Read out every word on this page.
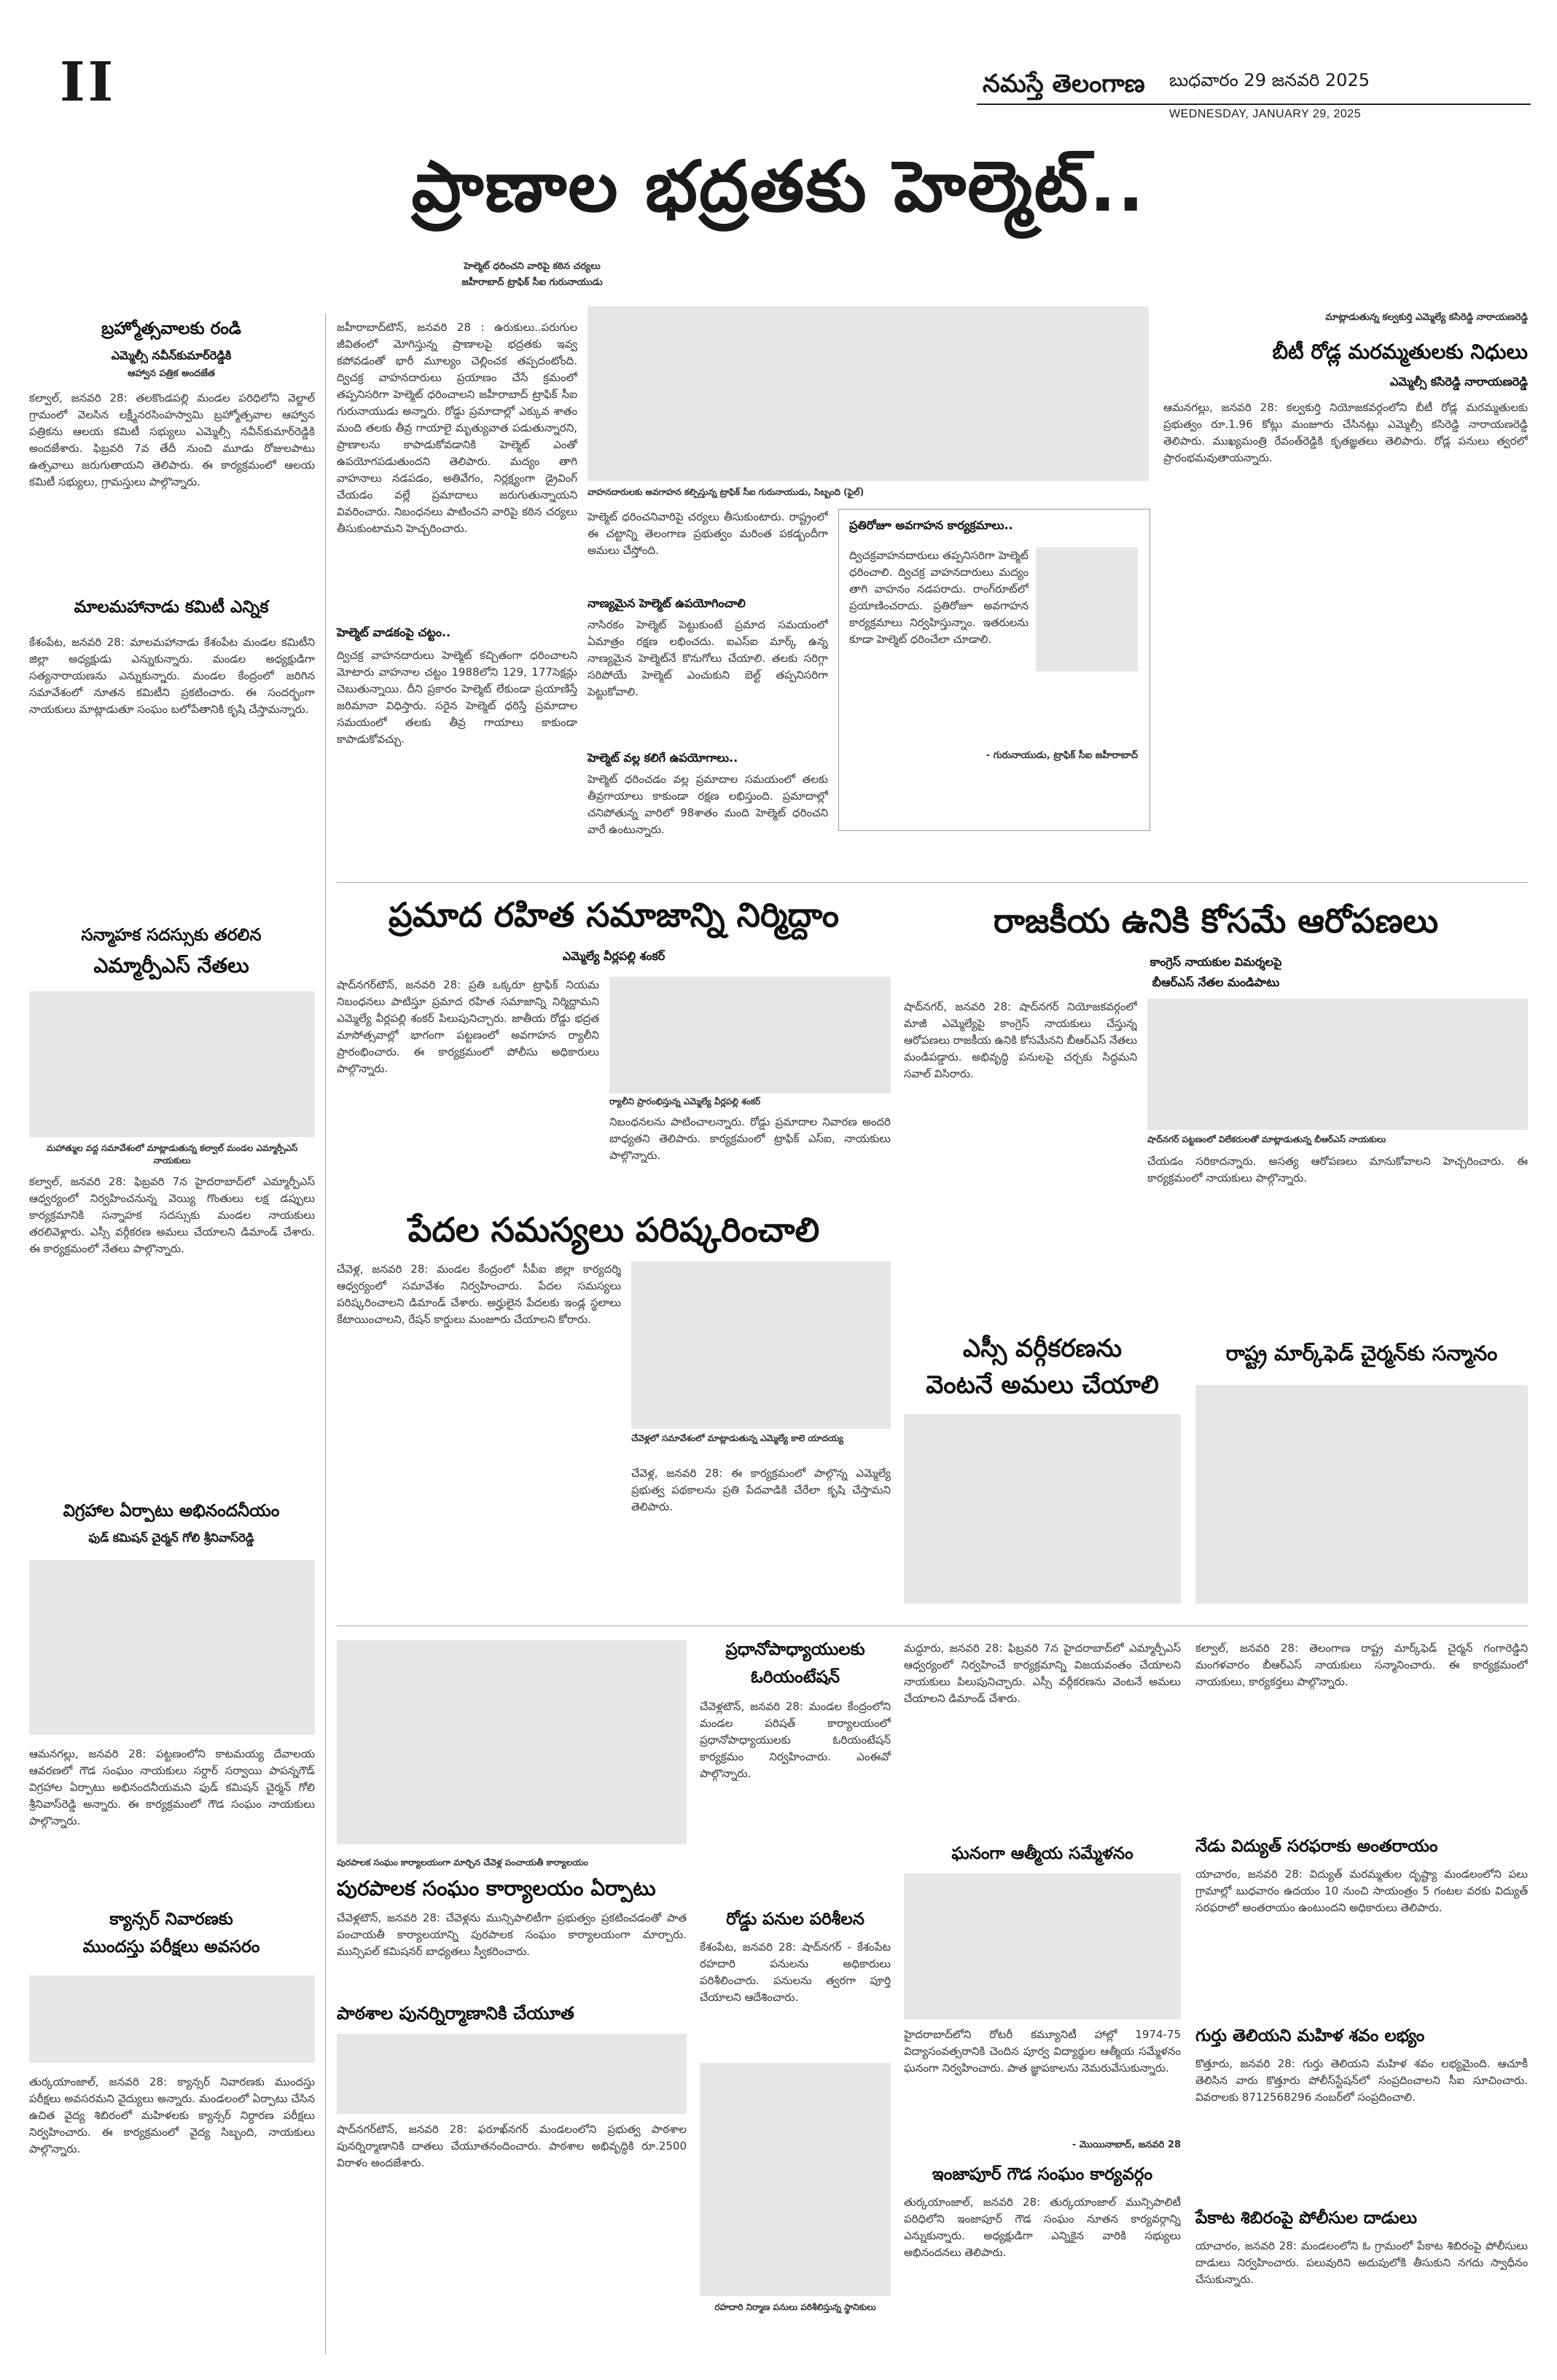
II	నమస్తే తెలంగాణ బుధవారం 29 జనవరి 2025
WEDNESDAY, JANUARY 29, 2025
ప్రాణాల భద్రతకు హెల్మెట్..
హెల్మెట్ ధరించని వారిపై కఠిన చర్యలు
జహీరాబాద్ ట్రాఫిక్ సీఐ గురునాయుడు
బ్రహ్మోత్సవాలకు రండి
ఎమ్మెల్సీ నవీన్‌కుమార్‌రెడ్డికి
ఆహ్వాన పత్రిక అందజేత
కల్వాల్‌, జనవరి 28: తలకొండపల్లి మండల పరిధిలోని వెల్జాల్‌ గ్రామంలో వెలసిన లక్ష్మీనరసింహస్వామి బ్రహ్మోత్సవాల ఆహ్వాన పత్రికను ఆలయ కమిటీ సభ్యులు ఎమ్మెల్సీ నవీన్‌కుమార్‌రెడ్డికి అందజేశారు. ఫిబ్రవరి 7వ తేదీ నుంచి మూడు రోజులపాటు ఉత్సవాలు జరుగుతాయని తెలిపారు. ఈ కార్యక్రమంలో ఆలయ కమిటీ సభ్యులు, గ్రామస్తులు పాల్గొన్నారు.
మాలమహానాడు కమిటీ ఎన్నిక
కేశంపేట, జనవరి 28: మాలమహానాడు కేశంపేట మండల కమిటీని జిల్లా అధ్యక్షుడు ఎన్నుకున్నారు. మండల అధ్యక్షుడిగా సత్యనారాయణను ఎన్నుకున్నారు. మండల కేంద్రంలో జరిగిన సమావేశంలో నూతన కమిటీని ప్రకటించారు. ఈ సందర్భంగా నాయకులు మాట్లాడుతూ సంఘం బలోపేతానికి కృషి చేస్తామన్నారు.
సన్మాహక సదస్సుకు తరలిన
ఎమ్మార్పీఎస్‌ నేతలు
మహాత్ముల వద్ద సమావేశంలో మాట్లాడుతున్న కల్వాల్‌ మండల ఎమ్మార్పీఎస్‌ నాయకులు
కల్వాల్‌, జనవరి 28: ఫిబ్రవరి 7న హైదరాబాద్‌లో ఎమ్మార్పీఎస్‌ ఆధ్వర్యంలో నిర్వహించనున్న వెయ్యి గొంతులు లక్ష డప్పులు కార్యక్రమానికి సన్నాహక సదస్సుకు మండల నాయకులు తరలివెళ్లారు. ఎస్సీ వర్గీకరణ అమలు చేయాలని డిమాండ్‌ చేశారు. ఈ కార్యక్రమంలో నేతలు పాల్గొన్నారు.
విగ్రహాల ఏర్పాటు అభినందనీయం
ఫుడ్‌ కమిషన్‌ చైర్మన్‌ గోలి శ్రీనివాస్‌రెడ్డి
ఆమనగల్లు, జనవరి 28: పట్టణంలోని కాటమయ్య దేవాలయ ఆవరణలో గౌడ సంఘం నాయకులు సర్దార్‌ సర్వాయి పాపన్నగౌడ్‌ విగ్రహాల ఏర్పాటు అభినందనీయమని ఫుడ్‌ కమిషన్‌ చైర్మన్‌ గోలి శ్రీనివాస్‌రెడ్డి అన్నారు. ఈ కార్యక్రమంలో గౌడ సంఘం నాయకులు పాల్గొన్నారు.
క్యాన్సర్‌ నివారణకు
ముందస్తు పరీక్షలు అవసరం
తుర్కయాంజాల్‌, జనవరి 28: క్యాన్సర్‌ నివారణకు ముందస్తు పరీక్షలు అవసరమని వైద్యులు అన్నారు. మండలంలో ఏర్పాటు చేసిన ఉచిత వైద్య శిబిరంలో మహిళలకు క్యాన్సర్‌ నిర్ధారణ పరీక్షలు నిర్వహించారు. ఈ కార్యక్రమంలో వైద్య సిబ్బంది, నాయకులు పాల్గొన్నారు.
జహీరాబాద్‌టౌన్‌, జనవరి 28 : ఉరుకులు..పరుగుల జీవితంలో మోగిస్తున్న ప్రాణాలపై భద్రతకు ఇవ్వ కపోవడంతో భారీ మూల్యం చెల్లించక తప్పదంటోంది. ద్విచక్ర వాహనదారులు ప్రయాణం చేసే క్రమంలో తప్పనిసరిగా హెల్మెట్‌ ధరించాలని జహీరాబాద్‌ ట్రాఫిక్‌ సీఐ గురునాయుడు అన్నారు. రోడ్డు ప్రమాదాల్లో ఎక్కువ శాతం మంది తలకు తీవ్ర గాయాలై మృత్యువాత పడుతున్నారని, ప్రాణాలను కాపాడుకోవడానికి హెల్మెట్‌ ఎంతో ఉపయోగపడుతుందని తెలిపారు. మద్యం తాగి వాహనాలు నడపడం, అతివేగం, నిర్లక్ష్యంగా డ్రైవింగ్‌ చేయడం వల్లే ప్రమాదాలు జరుగుతున్నాయని వివరించారు. నిబంధనలు పాటించని వారిపై కఠిన చర్యలు తీసుకుంటామని హెచ్చరించారు.
హెల్మెట్‌ వాడకంపై చట్టం..
ద్విచక్ర వాహనదారులు హెల్మెట్‌ కచ్చితంగా ధరించాలని మోటారు వాహనాల చట్టం 1988లోని 129, 177సెక్షన్లు చెబుతున్నాయి. దీని ప్రకారం హెల్మెట్‌ లేకుండా ప్రయాణిస్తే జరిమానా విధిస్తారు. సరైన హెల్మెట్‌ ధరిస్తే ప్రమాదాల సమయంలో తలకు తీవ్ర గాయాలు కాకుండా కాపాడుకోవచ్చు.
వాహనదారులకు అవగాహన కల్పిస్తున్న ట్రాఫిక్‌ సీఐ గురునాయుడు, సిబ్బంది (ఫైల్)
హెల్మెట్‌ ధరించనివారిపై చర్యలు తీసుకుంటారు. రాష్ట్రంలో ఈ చట్టాన్ని తెలంగాణ ప్రభుత్వం మరింత పకడ్బందీగా అమలు చేస్తోంది.
నాణ్యమైన హెల్మెట్‌ ఉపయోగించాలి
నాసిరకం హెల్మెట్‌ పెట్టుకుంటే ప్రమాద సమయంలో ఏమాత్రం రక్షణ లభించదు. ఐఎస్‌ఐ మార్క్‌ ఉన్న నాణ్యమైన హెల్మెట్‌నే కొనుగోలు చేయాలి. తలకు సరిగ్గా సరిపోయే హెల్మెట్‌ ఎంచుకుని బెల్ట్‌ తప్పనిసరిగా పెట్టుకోవాలి.
హెల్మెట్‌ వల్ల కలిగే ఉపయోగాలు..
హెల్మెట్‌ ధరించడం వల్ల ప్రమాదాల సమయంలో తలకు తీవ్రగాయాలు కాకుండా రక్షణ లభిస్తుంది. ప్రమాదాల్లో చనిపోతున్న వారిలో 98శాతం మంది హెల్మెట్‌ ధరించని వారే ఉంటున్నారు.
ప్రతిరోజూ అవగాహన కార్యక్రమాలు..
ద్విచక్రవాహనదారులు తప్పనిసరిగా హెల్మెట్‌ ధరించాలి. ద్విచక్ర వాహనదారులు మద్యం తాగి వాహనం నడపరాదు. రాంగ్‌రూట్‌లో ప్రయాణించరాదు. ప్రతిరోజూ అవగాహన కార్యక్రమాలు నిర్వహిస్తున్నాం. ఇతరులను కూడా హెల్మెట్‌ ధరించేలా చూడాలి.
- గురునాయుడు, ట్రాఫిక్‌ సీఐ జహీరాబాద్‌
మాట్లాడుతున్న కల్వకుర్తి ఎమ్మెల్యే కసిరెడ్డి నారాయణరెడ్డి
బీటీ రోడ్ల మరమ్మతులకు నిధులు
ఎమ్మెల్సీ కసిరెడ్డి నారాయణరెడ్డి
ఆమనగల్లు, జనవరి 28: కల్వకుర్తి నియోజకవర్గంలోని బీటీ రోడ్ల మరమ్మతులకు ప్రభుత్వం రూ.1.96 కోట్లు మంజూరు చేసినట్లు ఎమ్మెల్సీ కసిరెడ్డి నారాయణరెడ్డి తెలిపారు. ముఖ్యమంత్రి రేవంత్‌రెడ్డికి కృతజ్ఞతలు తెలిపారు. రోడ్ల పనులు త్వరలో ప్రారంభమవుతాయన్నారు.
ప్రమాద రహిత సమాజాన్ని నిర్మిద్దాం
ఎమ్మెల్యే వీర్లపల్లి శంకర్‌
షాద్‌నగర్‌టౌన్‌, జనవరి 28: ప్రతి ఒక్కరూ ట్రాఫిక్‌ నియమ నిబంధనలు పాటిస్తూ ప్రమాద రహిత సమాజాన్ని నిర్మిద్దామని ఎమ్మెల్యే వీర్లపల్లి శంకర్‌ పిలుపునిచ్చారు. జాతీయ రోడ్డు భద్రత మాసోత్సవాల్లో భాగంగా పట్టణంలో అవగాహన ర్యాలీని ప్రారంభించారు. ఈ కార్యక్రమంలో పోలీసు అధికారులు పాల్గొన్నారు.
ర్యాలీని ప్రారంభిస్తున్న ఎమ్మెల్యే వీర్లపల్లి శంకర్‌
నిబంధనలను పాటించాలన్నారు. రోడ్డు ప్రమాదాల నివారణ అందరి బాధ్యతని తెలిపారు. కార్యక్రమంలో ట్రాఫిక్‌ ఎస్‌ఐ, నాయకులు పాల్గొన్నారు.
రాజకీయ ఉనికి కోసమే ఆరోపణలు
కాంగ్రెస్‌ నాయకుల విమర్శలపై
బీఆర్‌ఎస్‌ నేతల మండిపాటు
షాద్‌నగర్‌, జనవరి 28: షాద్‌నగర్‌ నియోజకవర్గంలో మాజీ ఎమ్మెల్యేపై కాంగ్రెస్‌ నాయకులు చేస్తున్న ఆరోపణలు రాజకీయ ఉనికి కోసమేనని బీఆర్‌ఎస్‌ నేతలు మండిపడ్డారు. అభివృద్ధి పనులపై చర్చకు సిద్ధమని సవాల్‌ విసిరారు.
షాద్‌నగర్‌ పట్టణంలో విలేకరులతో మాట్లాడుతున్న బీఆర్‌ఎస్‌ నాయకులు
చేయడం సరికాదన్నారు. అసత్య ఆరోపణలు మానుకోవాలని హెచ్చరించారు. ఈ కార్యక్రమంలో నాయకులు పాల్గొన్నారు.
పేదల సమస్యలు పరిష్కరించాలి
చేవెళ్ల, జనవరి 28: మండల కేంద్రంలో సీపీఐ జిల్లా కార్యదర్శి ఆధ్వర్యంలో సమావేశం నిర్వహించారు. పేదల సమస్యలు పరిష్కరించాలని డిమాండ్‌ చేశారు. అర్హులైన పేదలకు ఇండ్ల స్థలాలు కేటాయించాలని, రేషన్‌ కార్డులు మంజూరు చేయాలని కోరారు.
చేవెళ్లలో సమావేశంలో మాట్లాడుతున్న ఎమ్మెల్యే కాలె యాదయ్య
చేవెళ్ల, జనవరి 28: ఈ కార్యక్రమంలో పాల్గొన్న ఎమ్మెల్యే ప్రభుత్వ పథకాలను ప్రతి పేదవాడికి చేరేలా కృషి చేస్తామని తెలిపారు.
ఎస్సీ వర్గీకరణను
వెంటనే అమలు చేయాలి
రాష్ట్ర మార్క్‌ఫెడ్‌ చైర్మన్‌కు సన్మానం
పురపాలక సంఘం కార్యాలయంగా మార్చిన చేవెళ్ల పంచాయతీ కార్యాలయం
పురపాలక సంఘం కార్యాలయం ఏర్పాటు
చేవెళ్లటౌన్‌, జనవరి 28: చేవెళ్లను మున్సిపాలిటీగా ప్రభుత్వం ప్రకటించడంతో పాత పంచాయతీ కార్యాలయాన్ని పురపాలక సంఘం కార్యాలయంగా మార్చారు. మున్సిపల్‌ కమిషనర్‌ బాధ్యతలు స్వీకరించారు.
పాఠశాల పునర్నిర్మాణానికి చేయూత
షాద్‌నగర్‌టౌన్‌, జనవరి 28: ఫరూఖ్‌నగర్‌ మండలంలోని ప్రభుత్వ పాఠశాల పునర్నిర్మాణానికి దాతలు చేయూతనందించారు. పాఠశాల అభివృద్ధికి రూ.2500 విరాళం అందజేశారు.
ప్రధానోపాధ్యాయులకు
ఓరియంటేషన్‌
చేవెళ్లటౌన్‌, జనవరి 28: మండల కేంద్రంలోని మండల పరిషత్‌ కార్యాలయంలో ప్రధానోపాధ్యాయులకు ఓరియంటేషన్‌ కార్యక్రమం నిర్వహించారు. ఎంఈవో పాల్గొన్నారు.
రోడ్డు పనుల పరిశీలన
కేశంపేట, జనవరి 28: షాద్‌నగర్‌ - కేశంపేట రహదారి పనులను అధికారులు పరిశీలించారు. పనులను త్వరగా పూర్తి చేయాలని ఆదేశించారు.
రహదారి నిర్మాణ పనులు పరిశీలిస్తున్న స్థానికులు
మద్దూరు, జనవరి 28: ఫిబ్రవరి 7న హైదరాబాద్‌లో ఎమ్మార్పీఎస్‌ ఆధ్వర్యంలో నిర్వహించే కార్యక్రమాన్ని విజయవంతం చేయాలని నాయకులు పిలుపునిచ్చారు. ఎస్సీ వర్గీకరణను వెంటనే అమలు చేయాలని డిమాండ్‌ చేశారు.
ఘనంగా ఆత్మీయ సమ్మేళనం
హైదరాబాద్‌లోని రోటరీ కమ్యూనిటీ హాల్లో 1974-75 విద్యాసంవత్సరానికి చెందిన పూర్వ విద్యార్థుల ఆత్మీయ సమ్మేళనం ఘనంగా నిర్వహించారు. పాత జ్ఞాపకాలను నెమరువేసుకున్నారు.
- మొయినాబాద్‌, జనవరి 28
ఇంజాపూర్‌ గౌడ సంఘం కార్యవర్గం
తుర్కయాంజాల్‌, జనవరి 28: తుర్కయాంజాల్‌ మున్సిపాలిటీ పరిధిలోని ఇంజాపూర్‌ గౌడ సంఘం నూతన కార్యవర్గాన్ని ఎన్నుకున్నారు. అధ్యక్షుడిగా ఎన్నికైన వారికి సభ్యులు అభినందనలు తెలిపారు.
కల్వాల్‌, జనవరి 28: తెలంగాణ రాష్ట్ర మార్క్‌ఫెడ్‌ చైర్మన్‌ గంగారెడ్డిని మంగళవారం బీఆర్‌ఎస్‌ నాయకులు సన్మానించారు. ఈ కార్యక్రమంలో నాయకులు, కార్యకర్తలు పాల్గొన్నారు.
నేడు విద్యుత్‌ సరఫరాకు అంతరాయం
యాచారం, జనవరి 28: విద్యుత్‌ మరమ్మతుల దృష్ట్యా మండలంలోని పలు గ్రామాల్లో బుధవారం ఉదయం 10 నుంచి సాయంత్రం 5 గంటల వరకు విద్యుత్‌ సరఫరాలో అంతరాయం ఉంటుందని అధికారులు తెలిపారు.
గుర్తు తెలియని మహిళ శవం లభ్యం
కొత్తూరు, జనవరి 28: గుర్తు తెలియని మహిళ శవం లభ్యమైంది. ఆచూకీ తెలిసిన వారు కొత్తూరు పోలీస్‌స్టేషన్‌లో సంప్రదించాలని సీఐ సూచించారు. వివరాలకు 8712568296 నంబర్‌లో సంప్రదించాలి.
పేకాట శిబిరంపై పోలీసుల దాడులు
యాచారం, జనవరి 28: మండలంలోని ఓ గ్రామంలో పేకాట శిబిరంపై పోలీసులు దాడులు నిర్వహించారు. పలువురిని అదుపులోకి తీసుకుని నగదు స్వాధీనం చేసుకున్నారు.
